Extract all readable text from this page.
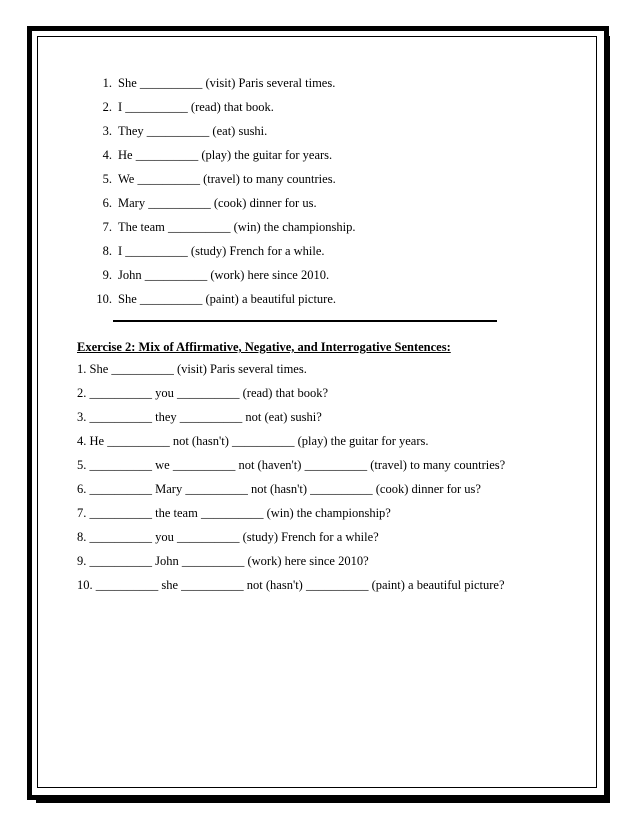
1. She __________ (visit) Paris several times.
2. I __________ (read) that book.
3. They __________ (eat) sushi.
4. He __________ (play) the guitar for years.
5. We __________ (travel) to many countries.
6. Mary __________ (cook) dinner for us.
7. The team __________ (win) the championship.
8. I __________ (study) French for a while.
9. John __________ (work) here since 2010.
10. She __________ (paint) a beautiful picture.
Exercise 2: Mix of Affirmative, Negative, and Interrogative Sentences:
1. She __________ (visit) Paris several times.
2. __________ you __________ (read) that book?
3. __________ they __________ not (eat) sushi?
4. He __________ not (hasn't) __________ (play) the guitar for years.
5. __________ we __________ not (haven't) __________ (travel) to many countries?
6. __________ Mary __________ not (hasn't) __________ (cook) dinner for us?
7. __________ the team __________ (win) the championship?
8. __________ you __________ (study) French for a while?
9. __________ John __________ (work) here since 2010?
10. __________ she __________ not (hasn't) __________ (paint) a beautiful picture?
